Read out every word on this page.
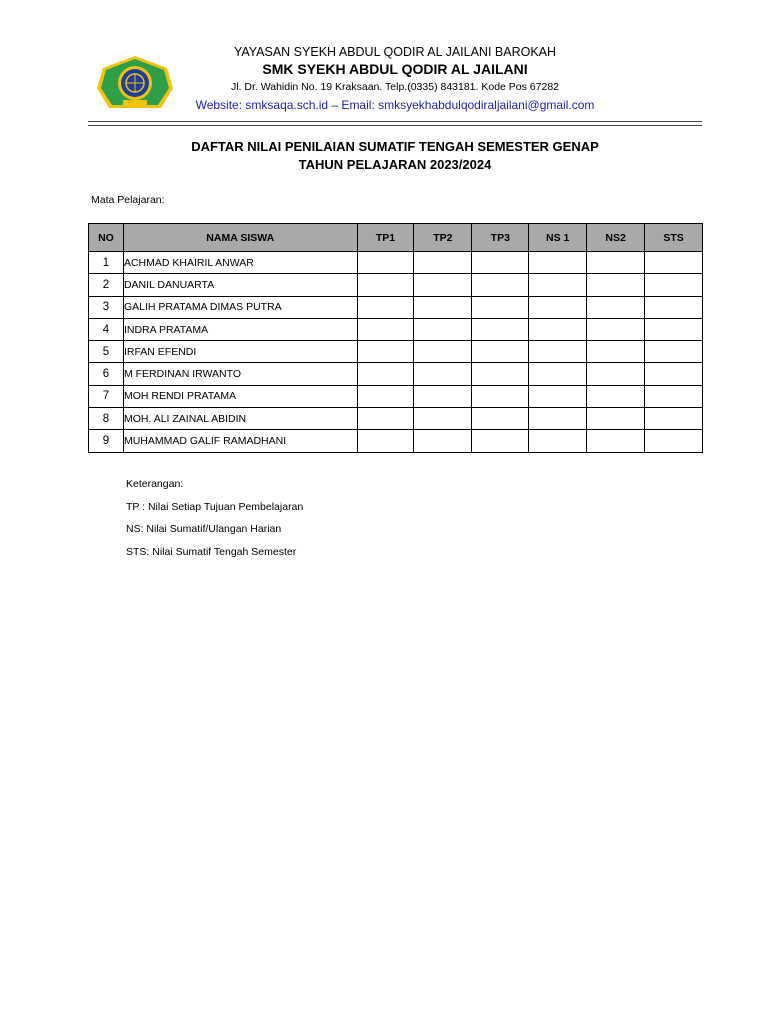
YAYASAN SYEKH ABDUL QODIR AL JAILANI BAROKAH
SMK SYEKH ABDUL QODIR AL JAILANI
Jl. Dr. Wahidin No. 19 Kraksaan. Telp.(0335) 843181. Kode Pos 67282
Website: smksaqa.sch.id – Email: smksyekhabdulqodiraljailani@gmail.com
DAFTAR NILAI PENILAIAN SUMATIF TENGAH SEMESTER GENAP
TAHUN PELAJARAN 2023/2024
Mata Pelajaran:
NO	NAMA SISWA	TP1	TP2	TP3	NS 1	NS2	STS
1	ACHMAD KHAIRIL ANWAR						
2	DANIL DANUARTA						
3	GALIH PRATAMA DIMAS PUTRA						
4	INDRA PRATAMA						
5	IRFAN EFENDI						
6	M FERDINAN IRWANTO						
7	MOH RENDI PRATAMA						
8	MOH. ALI ZAINAL ABIDIN						
9	MUHAMMAD GALIF RAMADHANI						
Keterangan:
TP : Nilai Setiap Tujuan Pembelajaran
NS: Nilai Sumatif/Ulangan Harian
STS: Nilai Sumatif Tengah Semester
